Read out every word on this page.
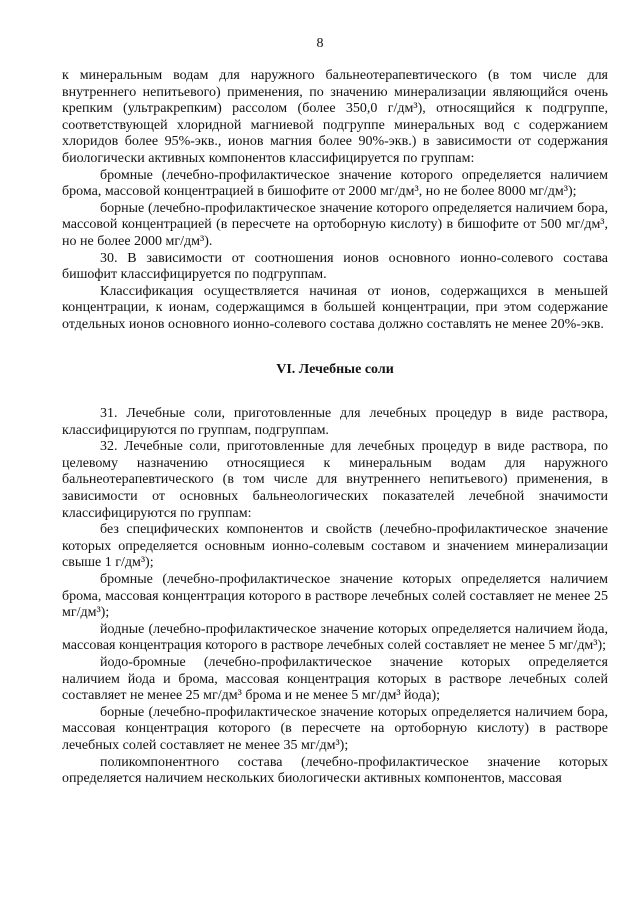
8

к минеральным водам для наружного бальнеотерапевтического (в том числе для внутреннего непитьевого) применения, по значению минерализации являющийся очень крепким (ультракрепким) рассолом (более 350,0 г/дм³), относящийся к подгруппе, соответствующей хлоридной магниевой подгруппе минеральных вод с содержанием хлоридов более 95%-экв., ионов магния более 90%-экв.) в зависимости от содержания биологически активных компонентов классифицируется по группам:

бромные (лечебно-профилактическое значение которого определяется наличием брома, массовой концентрацией в бишофите от 2000 мг/дм³, но не более 8000 мг/дм³);

борные (лечебно-профилактическое значение которого определяется наличием бора, массовой концентрацией (в пересчете на ортоборную кислоту) в бишофите от 500 мг/дм³, но не более 2000 мг/дм³).

30. В зависимости от соотношения ионов основного ионно-солевого состава бишофит классифицируется по подгруппам.

Классификация осуществляется начиная от ионов, содержащихся в меньшей концентрации, к ионам, содержащимся в большей концентрации, при этом содержание отдельных ионов основного ионно-солевого состава должно составлять не менее 20%-экв.

VI. Лечебные соли

31. Лечебные соли, приготовленные для лечебных процедур в виде раствора, классифицируются по группам, подгруппам.

32. Лечебные соли, приготовленные для лечебных процедур в виде раствора, по целевому назначению относящиеся к минеральным водам для наружного бальнеотерапевтического (в том числе для внутреннего непитьевого) применения, в зависимости от основных бальнеологических показателей лечебной значимости классифицируются по группам:

без специфических компонентов и свойств (лечебно-профилактическое значение которых определяется основным ионно-солевым составом и значением минерализации свыше 1 г/дм³);

бромные (лечебно-профилактическое значение которых определяется наличием брома, массовая концентрация которого в растворе лечебных солей составляет не менее 25 мг/дм³);

йодные (лечебно-профилактическое значение которых определяется наличием йода, массовая концентрация которого в растворе лечебных солей составляет не менее 5 мг/дм³);

йодо-бромные (лечебно-профилактическое значение которых определяется наличием йода и брома, массовая концентрация которых в растворе лечебных солей составляет не менее 25 мг/дм³ брома и не менее 5 мг/дм³ йода);

борные (лечебно-профилактическое значение которых определяется наличием бора, массовая концентрация которого (в пересчете на ортоборную кислоту) в растворе лечебных солей составляет не менее 35 мг/дм³);

поликомпонентного состава (лечебно-профилактическое значение которых определяется наличием нескольких биологически активных компонентов, массовая
